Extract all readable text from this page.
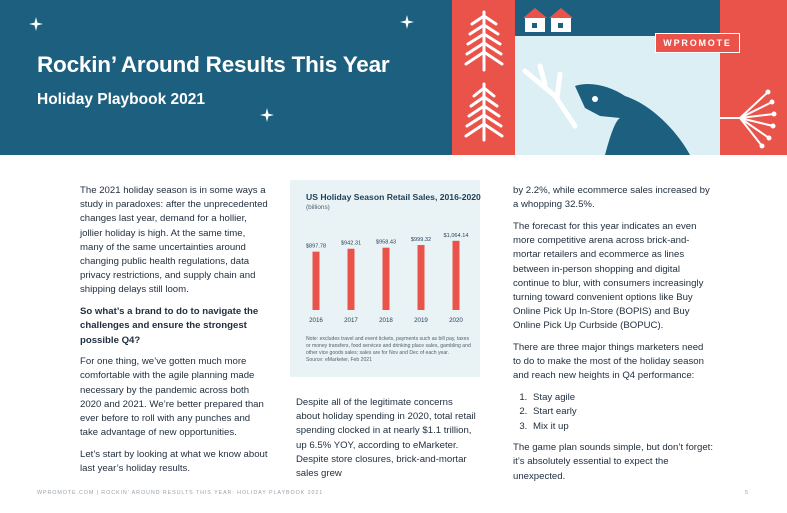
Rockin’ Around Results This Year
Holiday Playbook 2021
WPROMOTE

The 2021 holiday season is in some ways a study in paradoxes: after the unprecedented changes last year, demand for a hollier, jollier holiday is high. At the same time, many of the same uncertainties around changing public health regulations, data privacy restrictions, and supply chain and shipping delays still loom.

So what’s a brand to do to navigate the challenges and ensure the strongest possible Q4?

For one thing, we’ve gotten much more comfortable with the agile planning made necessary by the pandemic across both 2020 and 2021. We’re better prepared than ever before to roll with any punches and take advantage of new opportunities.

Let’s start by looking at what we know about last year’s holiday results.

$897.78
2016
$942.31
2017
$958.43
2018
$999.32
2019
$1,064.14
2020
US Holiday Season Retail Sales, 2016-2020
(billions)
Note: excludes travel and event tickets, payments such as bill pay, taxes or money transfers, food services and drinking place sales, gambling and other vice goods sales; sales are for Nov and Dec of each year.
Source: eMarketer, Feb 2021

Despite all of the legitimate concerns about holiday spending in 2020, total retail spending clocked in at nearly $1.1 trillion, up 6.5% YOY, according to eMarketer. Despite store closures, brick-and-mortar sales grew

by 2.2%, while ecommerce sales increased by a whopping 32.5%.

The forecast for this year indicates an even more competitive arena across brick-and-mortar retailers and ecommerce as lines between in-person shopping and digital continue to blur, with consumers increasingly turning toward convenient options like Buy Online Pick Up In-Store (BOPIS) and Buy Online Pick Up Curbside (BOPUC).

There are three major things marketers need to do to make the most of the holiday season and reach new heights in Q4 performance:

1. Stay agile
2. Start early
3. Mix it up

The game plan sounds simple, but don’t forget: it’s absolutely essential to expect the unexpected.

WPROMOTE.COM | ROCKIN’ AROUND RESULTS THIS YEAR: HOLIDAY PLAYBOOK 2021	5
